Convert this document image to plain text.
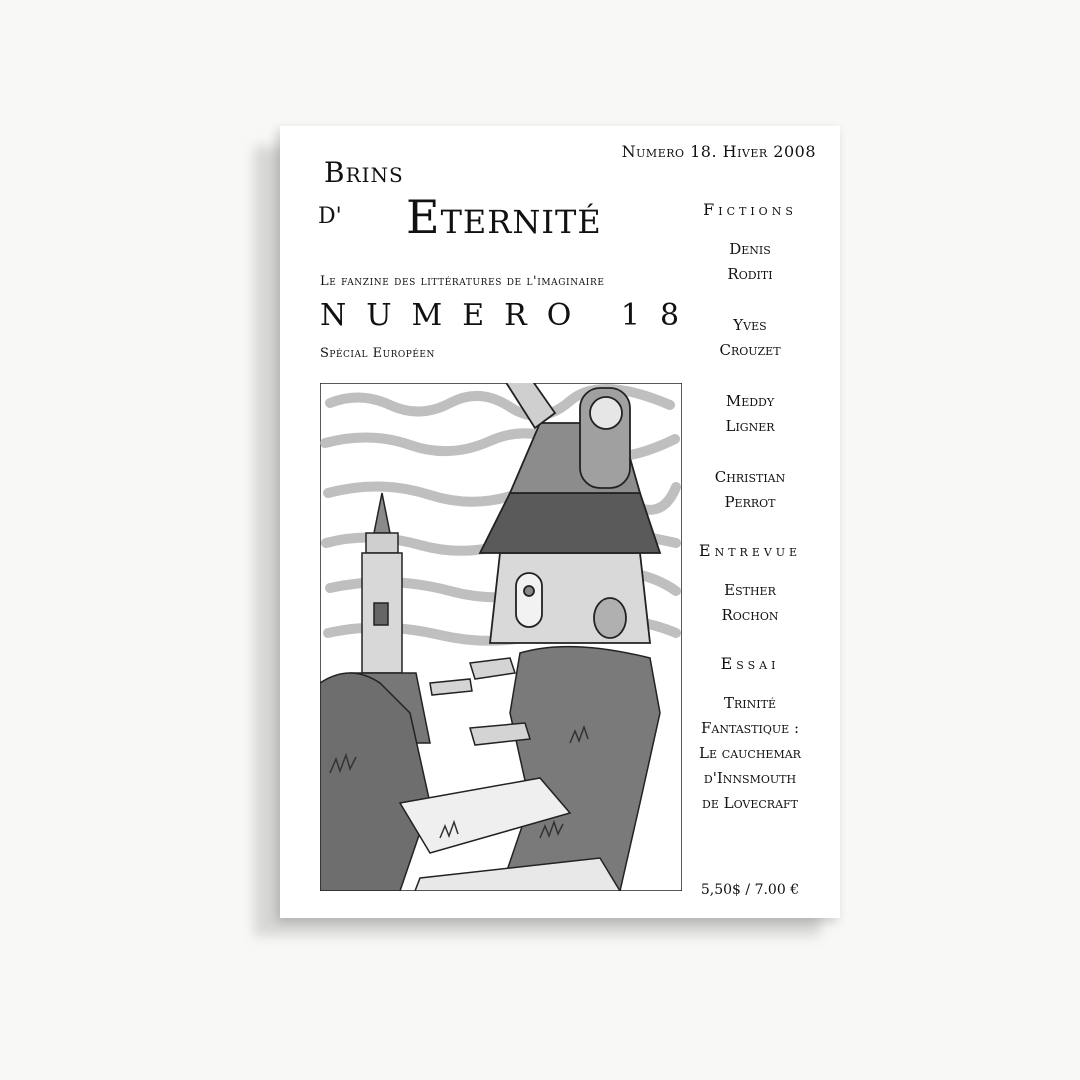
Numero 18. Hiver 2008
Brins
D' Eternité
Le fanzine des littératures de l'imaginaire
NUMERO 18
Spécial Européen
Fictions
Denis
Roditi
Yves
Crouzet
Meddy
Ligner
Christian
Perrot
Entrevue
Esther
Rochon
Essai
Trinité
Fantastique :
Le cauchemar
d'Innsmouth
de Lovecraft
5,50$ / 7.00 €
